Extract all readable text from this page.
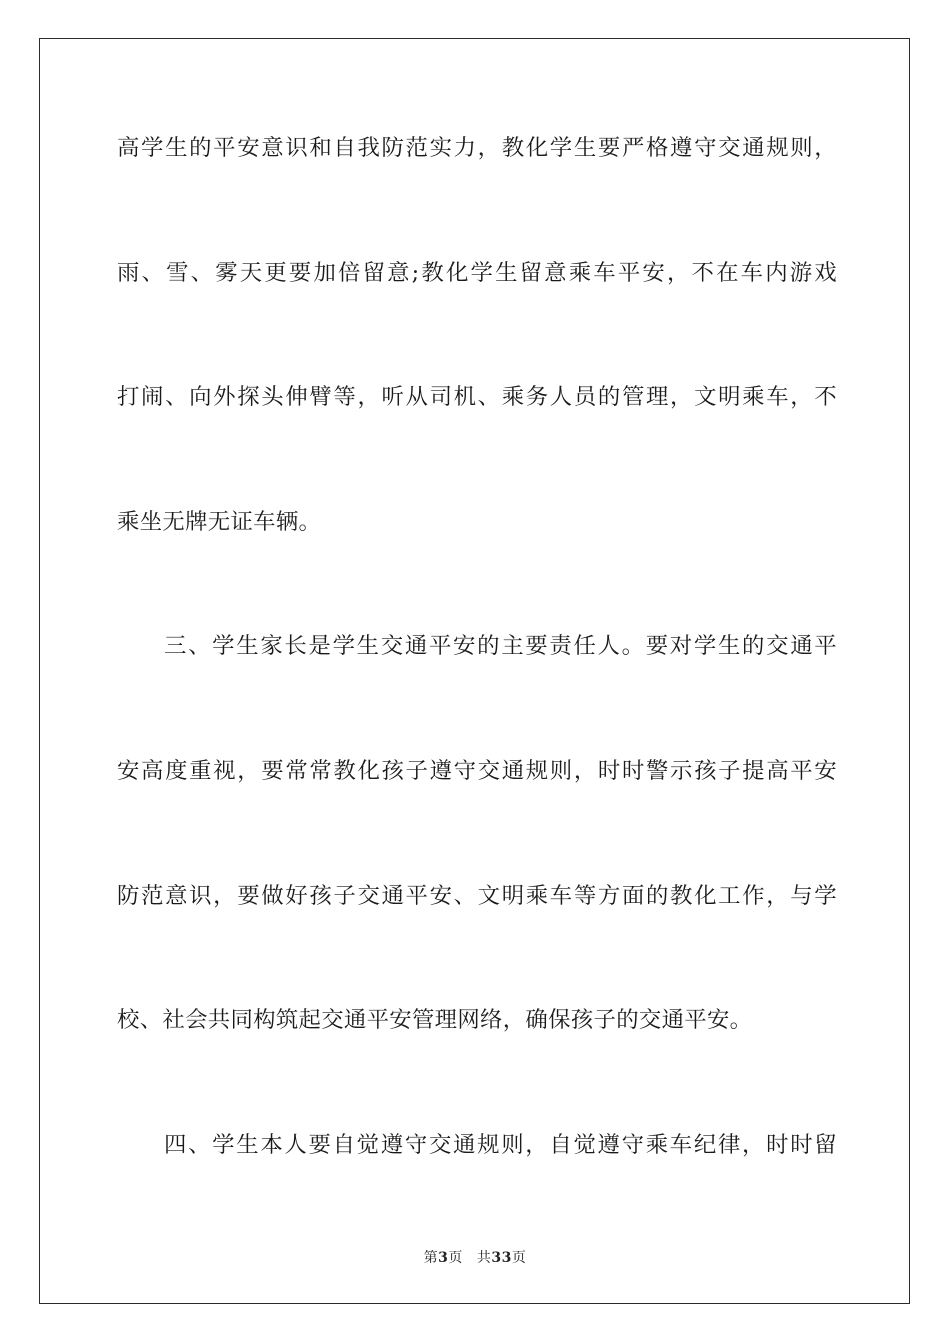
高学生的平安意识和自我防范实力，教化学生要严格遵守交通规则，
雨、雪、雾天更要加倍留意;教化学生留意乘车平安，不在车内游戏
打闹、向外探头伸臂等，听从司机、乘务人员的管理，文明乘车，不
乘坐无牌无证车辆。
三、学生家长是学生交通平安的主要责任人。要对学生的交通平
安高度重视，要常常教化孩子遵守交通规则，时时警示孩子提高平安
防范意识，要做好孩子交通平安、文明乘车等方面的教化工作，与学
校、社会共同构筑起交通平安管理网络，确保孩子的交通平安。
四、学生本人要自觉遵守交通规则，自觉遵守乘车纪律，时时留
第3页 共33页
